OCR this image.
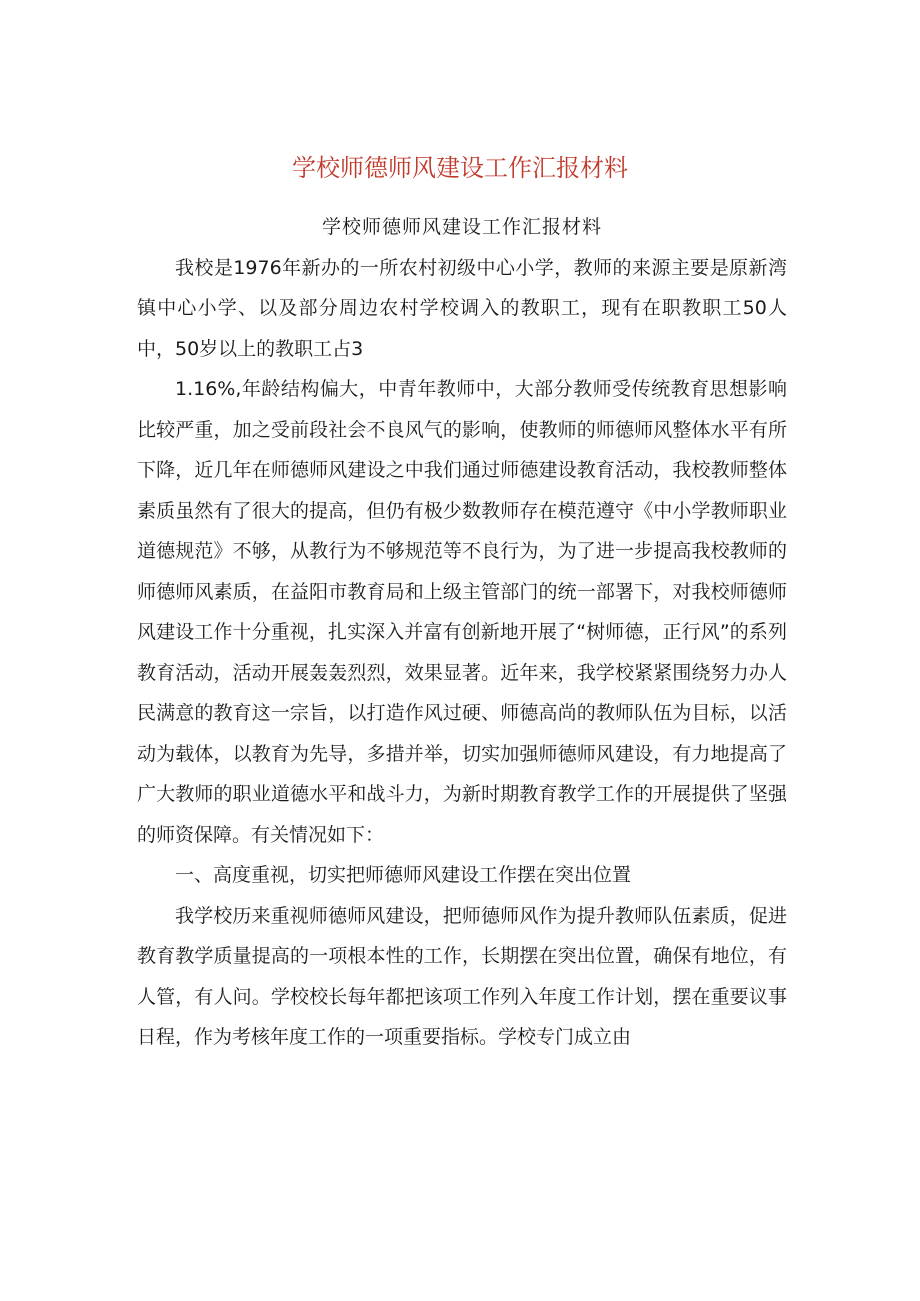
学校师德师风建设工作汇报材料

学校师德师风建设工作汇报材料

我校是1976年新办的一所农村初级中心小学，教师的来源主要是原新湾镇中心小学、以及部分周边农村学校调入的教职工，现有在职教职工50人中，50岁以上的教职工占3

1.16%,年龄结构偏大，中青年教师中，大部分教师受传统教育思想影响比较严重，加之受前段社会不良风气的影响，使教师的师德师风整体水平有所下降，近几年在师德师风建设之中我们通过师德建设教育活动，我校教师整体素质虽然有了很大的提高，但仍有极少数教师存在模范遵守《中小学教师职业道德规范》不够，从教行为不够规范等不良行为，为了进一步提高我校教师的师德师风素质，在益阳市教育局和上级主管部门的统一部署下，对我校师德师风建设工作十分重视，扎实深入并富有创新地开展了“树师德，正行风”的系列教育活动，活动开展轰轰烈烈，效果显著。近年来，我学校紧紧围绕努力办人民满意的教育这一宗旨，以打造作风过硬、师德高尚的教师队伍为目标，以活动为载体，以教育为先导，多措并举，切实加强师德师风建设，有力地提高了广大教师的职业道德水平和战斗力，为新时期教育教学工作的开展提供了坚强的师资保障。有关情况如下：

一、高度重视，切实把师德师风建设工作摆在突出位置

我学校历来重视师德师风建设，把师德师风作为提升教师队伍素质，促进教育教学质量提高的一项根本性的工作，长期摆在突出位置，确保有地位，有人管，有人问。学校校长每年都把该项工作列入年度工作计划，摆在重要议事日程，作为考核年度工作的一项重要指标。学校专门成立由
